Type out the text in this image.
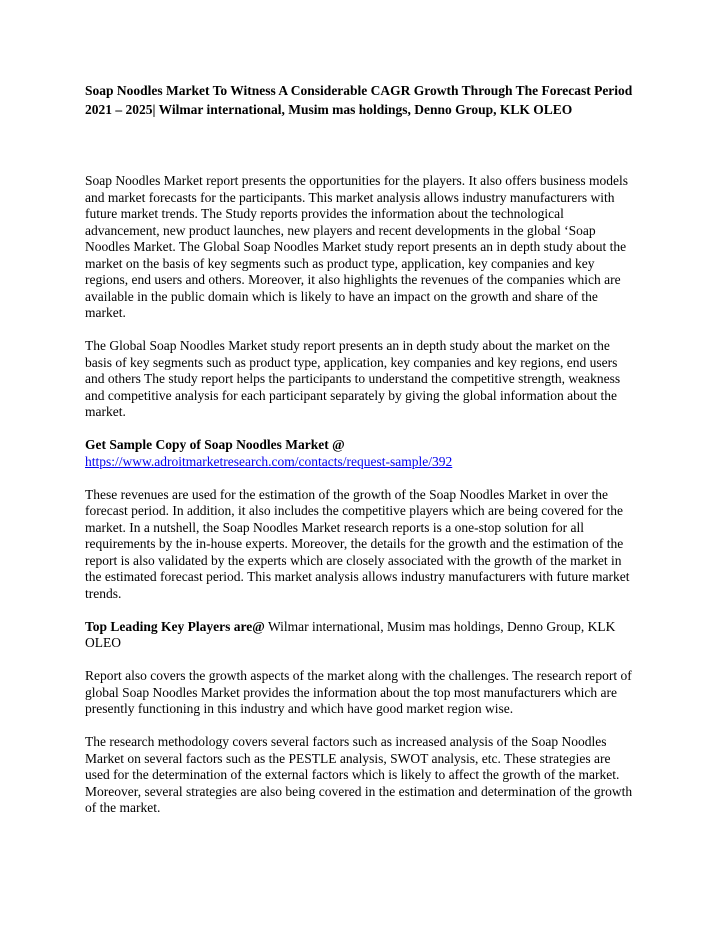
Soap Noodles Market To Witness A Considerable CAGR Growth Through The Forecast Period 2021 – 2025| Wilmar international, Musim mas holdings, Denno Group, KLK OLEO

Soap Noodles Market report presents the opportunities for the players. It also offers business models and market forecasts for the participants. This market analysis allows industry manufacturers with future market trends. The Study reports provides the information about the technological advancement, new product launches, new players and recent developments in the global ‘Soap Noodles Market. The Global Soap Noodles Market study report presents an in depth study about the market on the basis of key segments such as product type, application, key companies and key regions, end users and others. Moreover, it also highlights the revenues of the companies which are available in the public domain which is likely to have an impact on the growth and share of the market.

The Global Soap Noodles Market study report presents an in depth study about the market on the basis of key segments such as product type, application, key companies and key regions, end users and others The study report helps the participants to understand the competitive strength, weakness and competitive analysis for each participant separately by giving the global information about the market.

Get Sample Copy of Soap Noodles Market @
https://www.adroitmarketresearch.com/contacts/request-sample/392

These revenues are used for the estimation of the growth of the Soap Noodles Market in over the forecast period. In addition, it also includes the competitive players which are being covered for the market. In a nutshell, the Soap Noodles Market research reports is a one-stop solution for all requirements by the in-house experts. Moreover, the details for the growth and the estimation of the report is also validated by the experts which are closely associated with the growth of the market in the estimated forecast period. This market analysis allows industry manufacturers with future market trends.

Top Leading Key Players are@ Wilmar international, Musim mas holdings, Denno Group, KLK OLEO

Report also covers the growth aspects of the market along with the challenges. The research report of global Soap Noodles Market provides the information about the top most manufacturers which are presently functioning in this industry and which have good market region wise.

The research methodology covers several factors such as increased analysis of the Soap Noodles Market on several factors such as the PESTLE analysis, SWOT analysis, etc. These strategies are used for the determination of the external factors which is likely to affect the growth of the market. Moreover, several strategies are also being covered in the estimation and determination of the growth of the market.
